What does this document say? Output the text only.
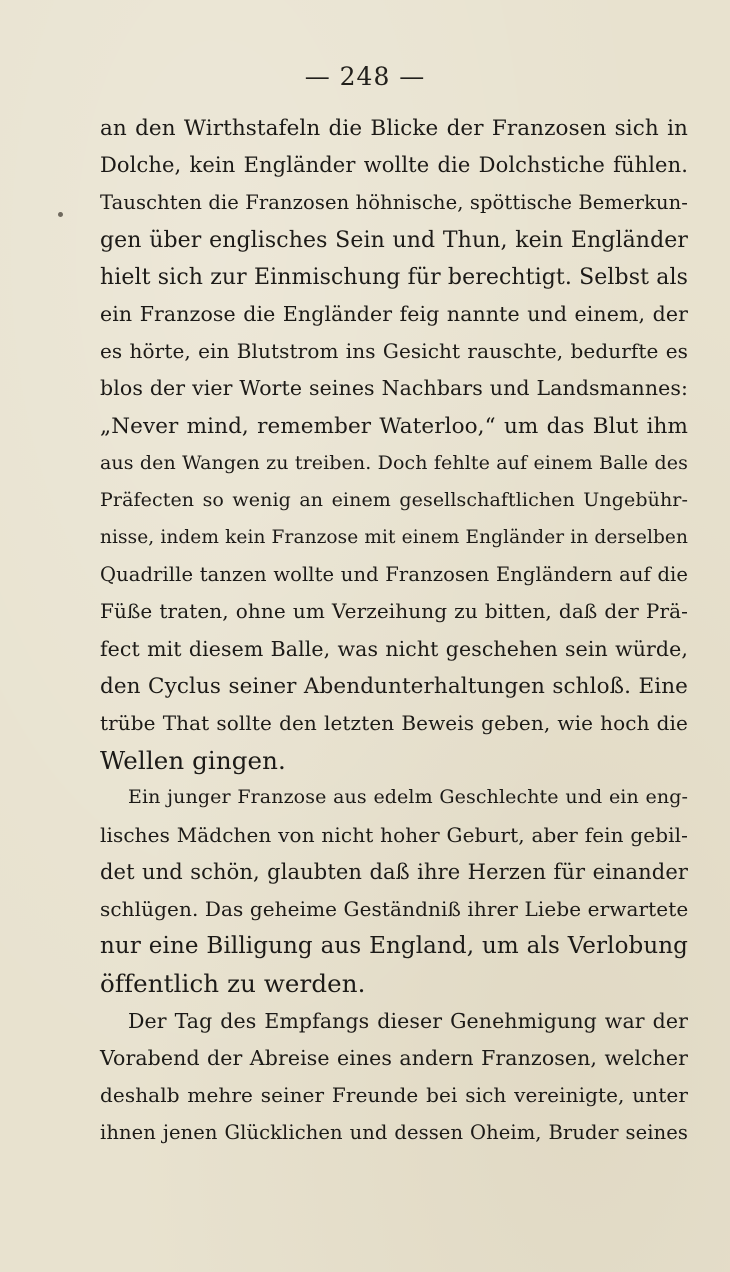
— 248 —
an den Wirthstafeln die Blicke der Franzosen sich in
Dolche, kein Engländer wollte die Dolchstiche fühlen.
Tauschten die Franzosen höhnische, spöttische Bemerkun-
gen über englisches Sein und Thun, kein Engländer
hielt sich zur Einmischung für berechtigt. Selbst als
ein Franzose die Engländer feig nannte und einem, der
es hörte, ein Blutstrom ins Gesicht rauschte, bedurfte es
blos der vier Worte seines Nachbars und Landsmannes:
„Never mind, remember Waterloo,“ um das Blut ihm
aus den Wangen zu treiben. Doch fehlte auf einem Balle des
Präfecten so wenig an einem gesellschaftlichen Ungebühr-
nisse, indem kein Franzose mit einem Engländer in derselben
Quadrille tanzen wollte und Franzosen Engländern auf die
Füße traten, ohne um Verzeihung zu bitten, daß der Prä-
fect mit diesem Balle, was nicht geschehen sein würde,
den Cyclus seiner Abendunterhaltungen schloß. Eine
trübe That sollte den letzten Beweis geben, wie hoch die
Wellen gingen.
Ein junger Franzose aus edelm Geschlechte und ein eng-
lisches Mädchen von nicht hoher Geburt, aber fein gebil-
det und schön, glaubten daß ihre Herzen für einander
schlügen. Das geheime Geständniß ihrer Liebe erwartete
nur eine Billigung aus England, um als Verlobung
öffentlich zu werden.
Der Tag des Empfangs dieser Genehmigung war der
Vorabend der Abreise eines andern Franzosen, welcher
deshalb mehre seiner Freunde bei sich vereinigte, unter
ihnen jenen Glücklichen und dessen Oheim, Bruder seines
